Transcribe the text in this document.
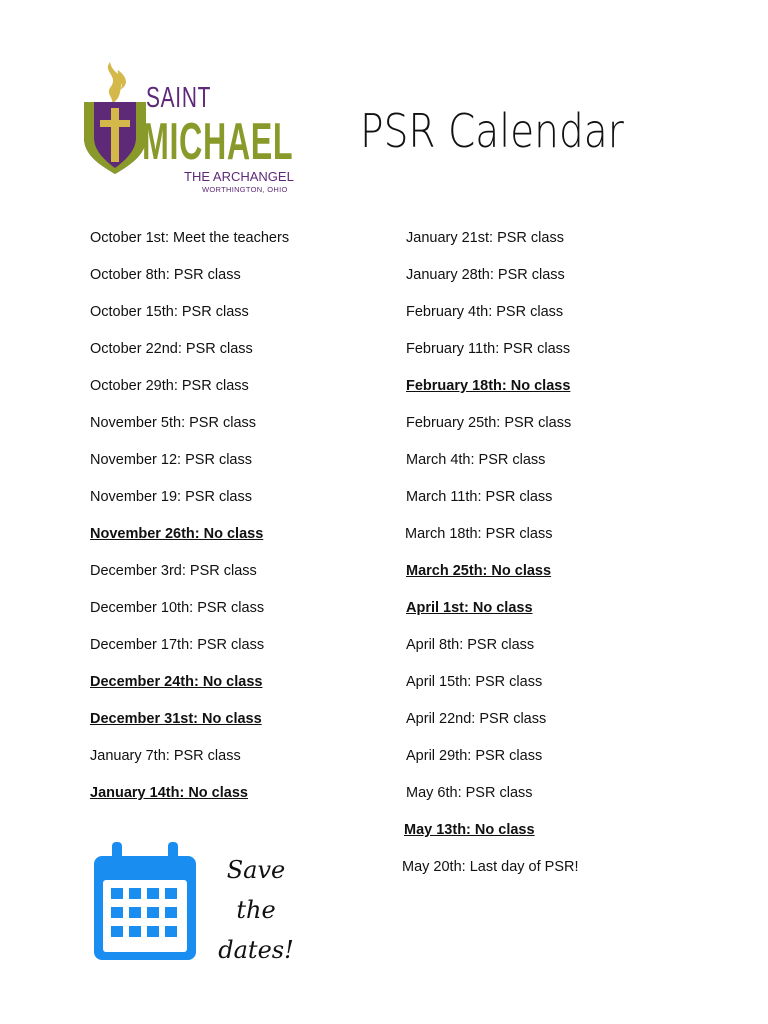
SAINT
MICHAEL
THE ARCHANGEL
WORTHINGTON, OHIO
PSR Calendar
October 1st: Meet the teachers
October 8th: PSR class
October 15th: PSR class
October 22nd: PSR class
October 29th: PSR class
November 5th: PSR class
November 12: PSR class
November 19: PSR class
November 26th: No class
December 3rd: PSR class
December 10th: PSR class
December 17th: PSR class
December 24th: No class
December 31st: No class
January 7th: PSR class
January 14th: No class
January 21st: PSR class
January 28th: PSR class
February 4th: PSR class
February 11th: PSR class
February 18th: No class
February 25th: PSR class
March 4th: PSR class
March 11th: PSR class
March 18th: PSR class
March 25th: No class
April 1st: No class
April 8th: PSR class
April 15th: PSR class
April 22nd: PSR class
April 29th: PSR class
May 6th: PSR class
May 13th: No class
May 20th: Last day of PSR!
Save
the
dates!
